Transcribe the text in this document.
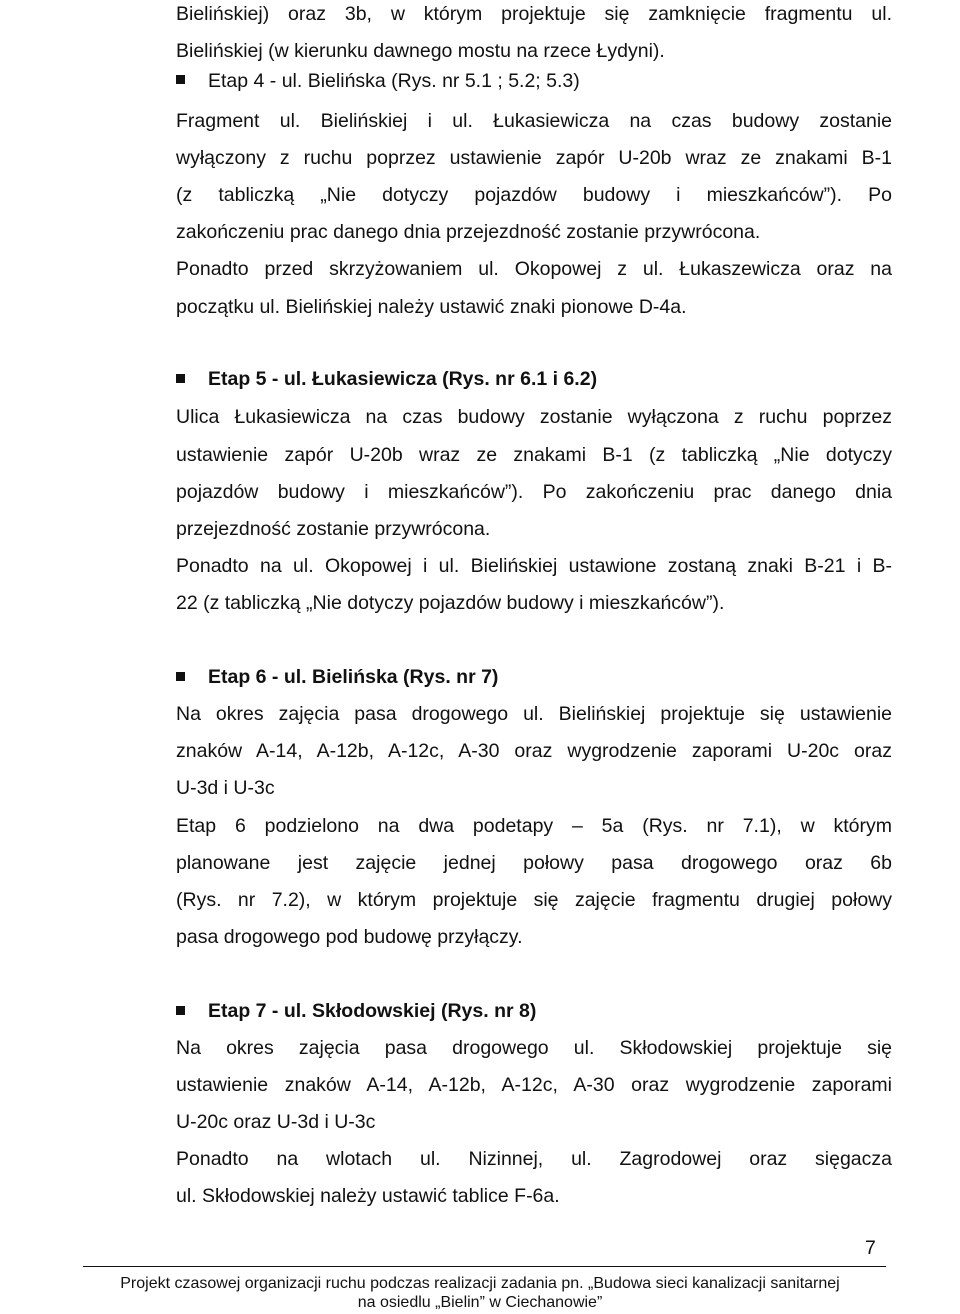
Bielińskiej) oraz 3b, w którym projektuje się zamknięcie fragmentu ul.
Bielińskiej (w kierunku dawnego mostu na rzece Łydyni).
Etap 4 - ul. Bielińska (Rys. nr 5.1 ; 5.2; 5.3)
Fragment ul. Bielińskiej i ul. Łukasiewicza na czas budowy zostanie
wyłączony z ruchu poprzez ustawienie zapór U-20b wraz ze znakami B-1
(z tabliczką „Nie dotyczy pojazdów budowy i mieszkańców”). Po
zakończeniu prac danego dnia przejezdność zostanie przywrócona.
Ponadto przed skrzyżowaniem ul. Okopowej z ul. Łukaszewicza oraz na
początku ul. Bielińskiej należy ustawić znaki pionowe D-4a.
Etap 5 - ul. Łukasiewicza (Rys. nr 6.1 i 6.2)
Ulica Łukasiewicza na czas budowy zostanie wyłączona z ruchu poprzez
ustawienie zapór U-20b wraz ze znakami B-1 (z tabliczką „Nie dotyczy
pojazdów budowy i mieszkańców”). Po zakończeniu prac danego dnia
przejezdność zostanie przywrócona.
Ponadto na ul. Okopowej i ul. Bielińskiej ustawione zostaną znaki B-21 i B-
22 (z tabliczką „Nie dotyczy pojazdów budowy i mieszkańców”).
Etap 6 - ul. Bielińska (Rys. nr 7)
Na okres zajęcia pasa drogowego ul. Bielińskiej projektuje się ustawienie
znaków A-14, A-12b, A-12c, A-30 oraz wygrodzenie zaporami U-20c oraz
U-3d i U-3c
Etap 6 podzielono na dwa podetapy – 5a (Rys. nr 7.1), w którym
planowane jest zajęcie jednej połowy pasa drogowego oraz 6b
(Rys. nr 7.2), w którym projektuje się zajęcie fragmentu drugiej połowy
pasa drogowego pod budowę przyłączy.
Etap 7 - ul. Skłodowskiej (Rys. nr 8)
Na okres zajęcia pasa drogowego ul. Skłodowskiej projektuje się
ustawienie znaków A-14, A-12b, A-12c, A-30 oraz wygrodzenie zaporami
U-20c oraz U-3d i U-3c
Ponadto na wlotach ul. Nizinnej, ul. Zagrodowej oraz sięgacza
ul. Skłodowskiej należy ustawić tablice F-6a.
7
Projekt czasowej organizacji ruchu podczas realizacji zadania pn. „Budowa sieci kanalizacji sanitarnej
na osiedlu „Bielin” w Ciechanowie”
